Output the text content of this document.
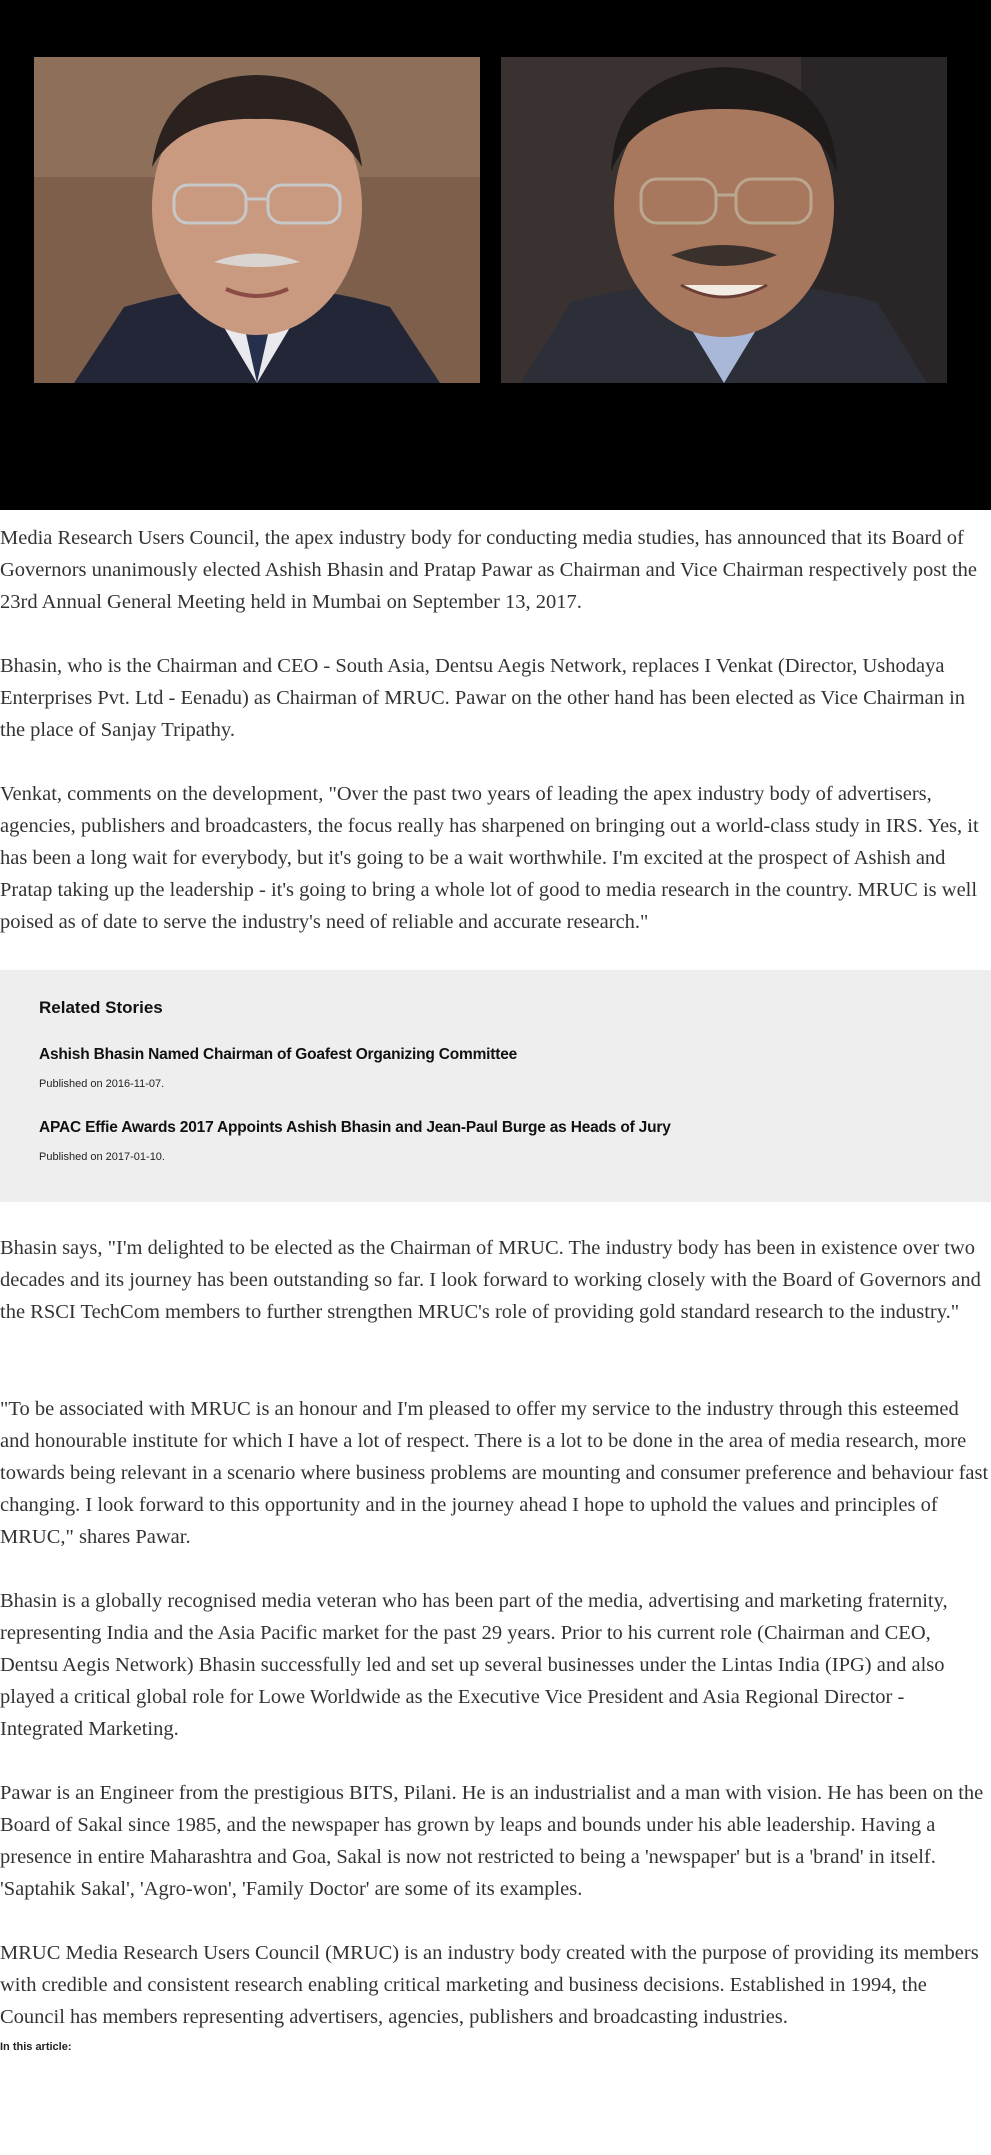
Media Research Users Council, the apex industry body for conducting media studies, has announced that its Board of Governors unanimously elected Ashish Bhasin and Pratap Pawar as Chairman and Vice Chairman respectively post the 23rd Annual General Meeting held in Mumbai on September 13, 2017.

Bhasin, who is the Chairman and CEO - South Asia, Dentsu Aegis Network, replaces I Venkat (Director, Ushodaya Enterprises Pvt. Ltd - Eenadu) as Chairman of MRUC. Pawar on the other hand has been elected as Vice Chairman in the place of Sanjay Tripathy.

Venkat, comments on the development, "Over the past two years of leading the apex industry body of advertisers, agencies, publishers and broadcasters, the focus really has sharpened on bringing out a world-class study in IRS. Yes, it has been a long wait for everybody, but it's going to be a wait worthwhile. I'm excited at the prospect of Ashish and Pratap taking up the leadership - it's going to bring a whole lot of good to media research in the country. MRUC is well poised as of date to serve the industry's need of reliable and accurate research."

Related Stories
Ashish Bhasin Named Chairman of Goafest Organizing Committee
Published on 2016-11-07.
APAC Effie Awards 2017 Appoints Ashish Bhasin and Jean-Paul Burge as Heads of Jury
Published on 2017-01-10.

Bhasin says, "I'm delighted to be elected as the Chairman of MRUC. The industry body has been in existence over two decades and its journey has been outstanding so far. I look forward to working closely with the Board of Governors and the RSCI TechCom members to further strengthen MRUC's role of providing gold standard research to the industry."

"To be associated with MRUC is an honour and I'm pleased to offer my service to the industry through this esteemed and honourable institute for which I have a lot of respect. There is a lot to be done in the area of media research, more towards being relevant in a scenario where business problems are mounting and consumer preference and behaviour fast changing. I look forward to this opportunity and in the journey ahead I hope to uphold the values and principles of MRUC," shares Pawar.

Bhasin is a globally recognised media veteran who has been part of the media, advertising and marketing fraternity, representing India and the Asia Pacific market for the past 29 years. Prior to his current role (Chairman and CEO, Dentsu Aegis Network) Bhasin successfully led and set up several businesses under the Lintas India (IPG) and also played a critical global role for Lowe Worldwide as the Executive Vice President and Asia Regional Director - Integrated Marketing.

Pawar is an Engineer from the prestigious BITS, Pilani. He is an industrialist and a man with vision. He has been on the Board of Sakal since 1985, and the newspaper has grown by leaps and bounds under his able leadership. Having a presence in entire Maharashtra and Goa, Sakal is now not restricted to being a 'newspaper' but is a 'brand' in itself. 'Saptahik Sakal', 'Agro-won', 'Family Doctor' are some of its examples.

MRUC Media Research Users Council (MRUC) is an industry body created with the purpose of providing its members with credible and consistent research enabling critical marketing and business decisions. Established in 1994, the Council has members representing advertisers, agencies, publishers and broadcasting industries.

In this article:
